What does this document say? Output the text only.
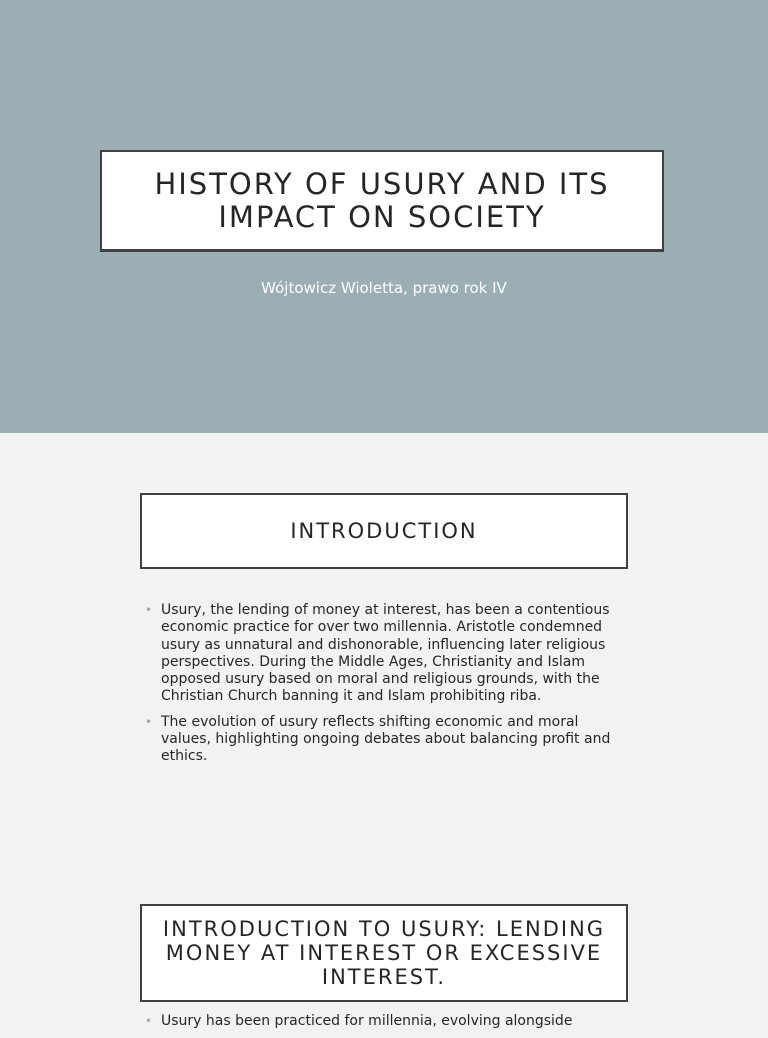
HISTORY OF USURY AND ITS IMPACT ON SOCIETY
Wójtowicz Wioletta, prawo rok IV
INTRODUCTION
• Usury, the lending of money at interest, has been a contentious economic practice for over two millennia. Aristotle condemned usury as unnatural and dishonorable, influencing later religious perspectives. During the Middle Ages, Christianity and Islam opposed usury based on moral and religious grounds, with the Christian Church banning it and Islam prohibiting riba.
• The evolution of usury reflects shifting economic and moral values, highlighting ongoing debates about balancing profit and ethics.
INTRODUCTION TO USURY: LENDING MONEY AT INTEREST OR EXCESSIVE INTEREST.
• Usury has been practiced for millennia, evolving alongside
